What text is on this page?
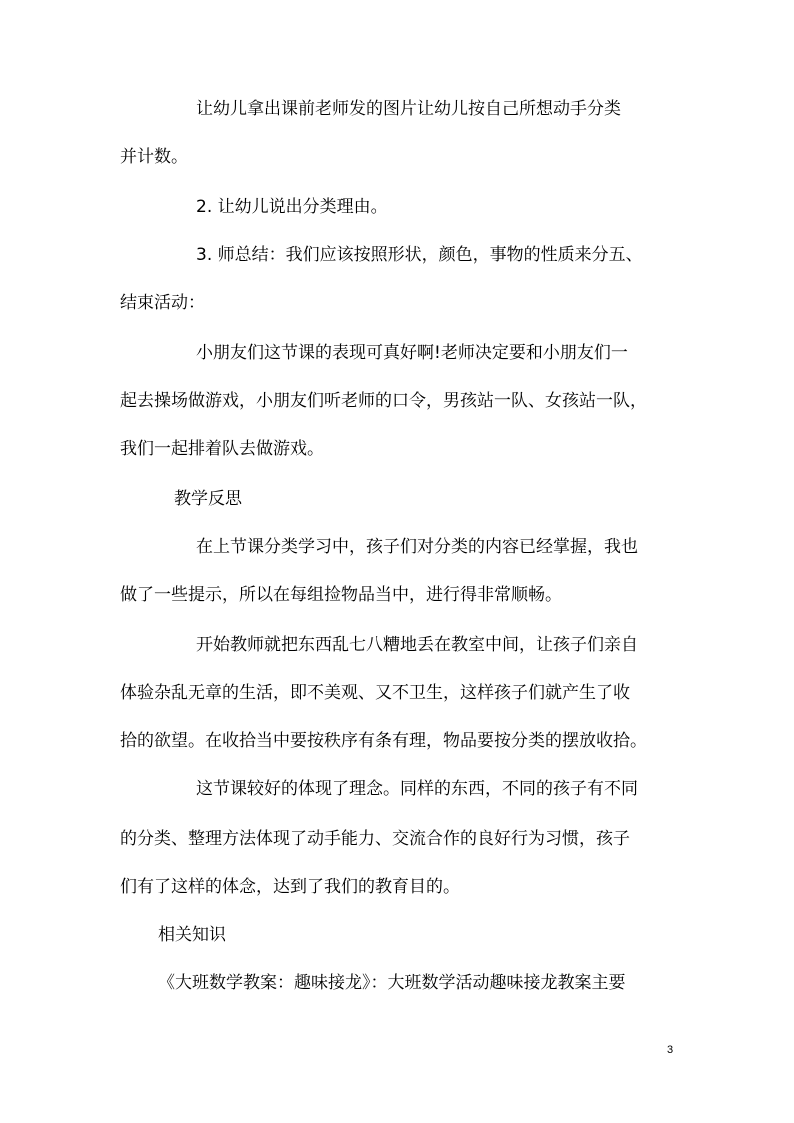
让幼儿拿出课前老师发的图片让幼儿按自己所想动手分类
并计数。
2. 让幼儿说出分类理由。
3. 师总结：我们应该按照形状，颜色，事物的性质来分五、
结束活动：
小朋友们这节课的表现可真好啊!老师决定要和小朋友们一
起去操场做游戏，小朋友们听老师的口令，男孩站一队、女孩站一队，
我们一起排着队去做游戏。
教学反思
在上节课分类学习中，孩子们对分类的内容已经掌握，我也
做了一些提示，所以在每组捡物品当中，进行得非常顺畅。
开始教师就把东西乱七八糟地丢在教室中间，让孩子们亲自
体验杂乱无章的生活，即不美观、又不卫生，这样孩子们就产生了收
拾的欲望。在收拾当中要按秩序有条有理，物品要按分类的摆放收拾。
这节课较好的体现了理念。同样的东西，不同的孩子有不同
的分类、整理方法体现了动手能力、交流合作的良好行为习惯，孩子
们有了这样的体念，达到了我们的教育目的。
相关知识
《大班数学教案：趣味接龙》：大班数学活动趣味接龙教案主要
3
